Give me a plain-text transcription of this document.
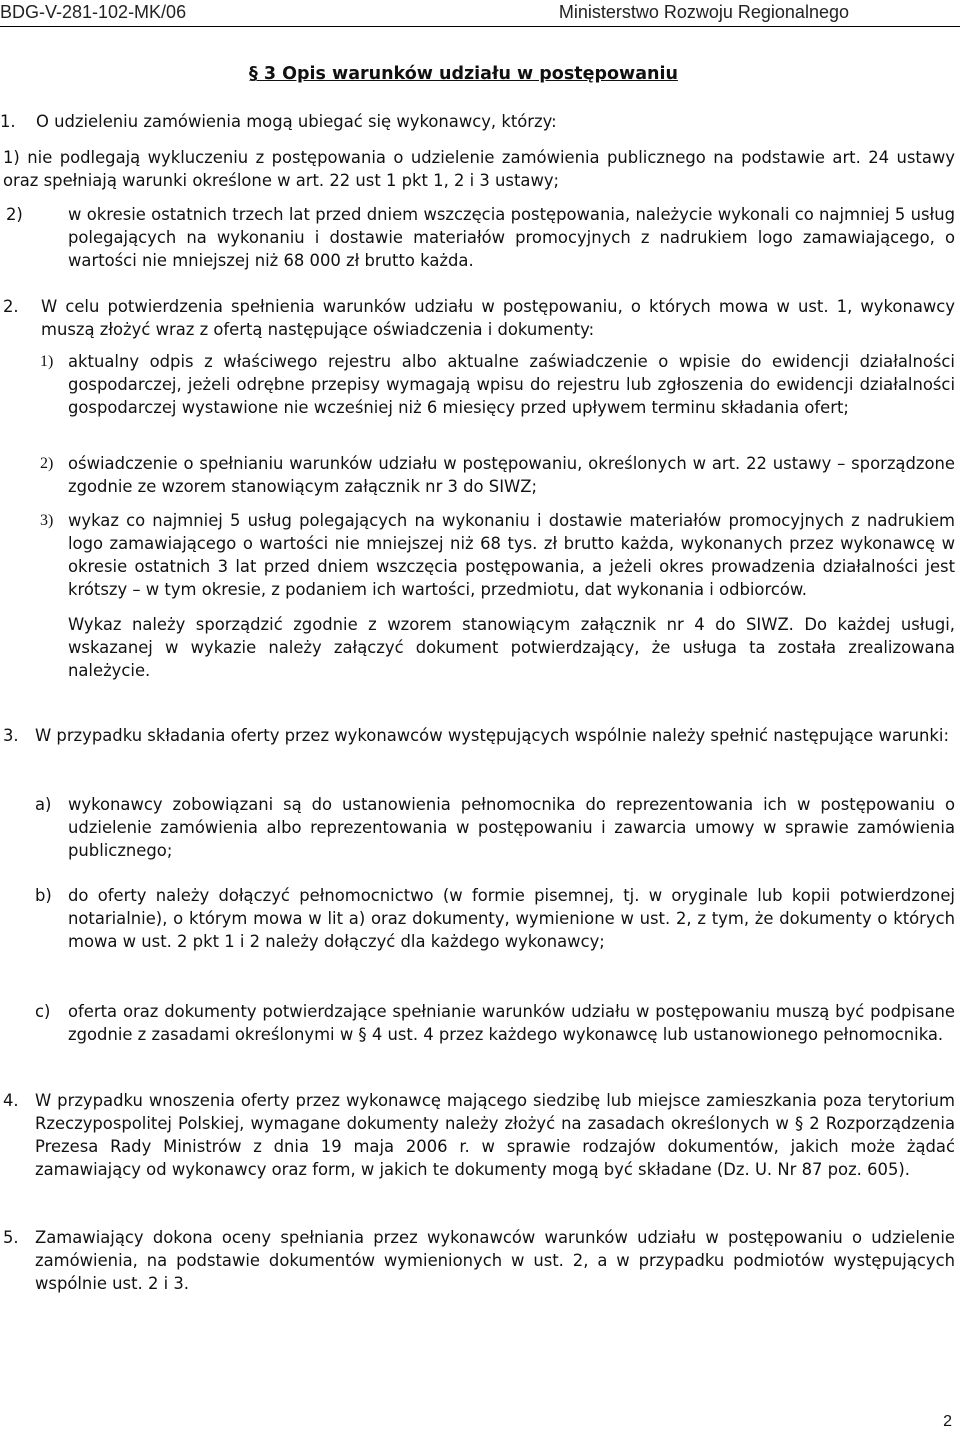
BDG-V-281-102-MK/06	Ministerstwo Rozwoju Regionalnego
§ 3 Opis warunków udziału w postępowaniu
1. O udzieleniu zamówienia mogą ubiegać się wykonawcy, którzy:
1) nie podlegają wykluczeniu z postępowania o udzielenie zamówienia publicznego na podstawie art. 24 ustawy oraz spełniają warunki określone w art. 22 ust 1 pkt 1, 2 i 3 ustawy;
2)	w okresie ostatnich trzech lat przed dniem wszczęcia postępowania, należycie wykonali co najmniej 5 usług polegających na wykonaniu i dostawie materiałów promocyjnych z nadrukiem logo zamawiającego, o wartości nie mniejszej niż 68 000 zł brutto każda.
2. W celu potwierdzenia spełnienia warunków udziału w postępowaniu, o których mowa w ust. 1, wykonawcy muszą złożyć wraz z ofertą następujące oświadczenia i dokumenty:
1) aktualny odpis z właściwego rejestru albo aktualne zaświadczenie o wpisie do ewidencji działalności gospodarczej, jeżeli odrębne przepisy wymagają wpisu do rejestru lub zgłoszenia do ewidencji działalności gospodarczej wystawione nie wcześniej niż 6 miesięcy przed upływem terminu składania ofert;
2) oświadczenie o spełnianiu warunków udziału w postępowaniu, określonych w art. 22 ustawy – sporządzone zgodnie ze wzorem stanowiącym załącznik nr 3 do SIWZ;
3) wykaz co najmniej 5 usług polegających na wykonaniu i dostawie materiałów promocyjnych z nadrukiem logo zamawiającego o wartości nie mniejszej niż 68 tys. zł brutto każda, wykonanych przez wykonawcę w okresie ostatnich 3 lat przed dniem wszczęcia postępowania, a jeżeli okres prowadzenia działalności jest krótszy – w tym okresie, z podaniem ich wartości, przedmiotu, dat wykonania i odbiorców.
Wykaz należy sporządzić zgodnie z wzorem stanowiącym załącznik nr 4 do SIWZ. Do każdej usługi, wskazanej w wykazie należy załączyć dokument potwierdzający, że usługa ta została zrealizowana należycie.
3. W przypadku składania oferty przez wykonawców występujących wspólnie należy spełnić następujące warunki:
a) wykonawcy zobowiązani są do ustanowienia pełnomocnika do reprezentowania ich w postępowaniu o udzielenie zamówienia albo reprezentowania w postępowaniu i zawarcia umowy w sprawie zamówienia publicznego;
b) do oferty należy dołączyć pełnomocnictwo (w formie pisemnej, tj. w oryginale lub kopii potwierdzonej notarialnie), o którym mowa w lit a) oraz dokumenty, wymienione w ust. 2, z tym, że dokumenty o których mowa w ust. 2 pkt 1 i 2 należy dołączyć dla każdego wykonawcy;
c) oferta oraz dokumenty potwierdzające spełnianie warunków udziału w postępowaniu muszą być podpisane zgodnie z zasadami określonymi w § 4 ust. 4 przez każdego wykonawcę lub ustanowionego pełnomocnika.
4. W przypadku wnoszenia oferty przez wykonawcę mającego siedzibę lub miejsce zamieszkania poza terytorium Rzeczypospolitej Polskiej, wymagane dokumenty należy złożyć na zasadach określonych w § 2 Rozporządzenia Prezesa Rady Ministrów z dnia 19 maja 2006 r. w sprawie rodzajów dokumentów, jakich może żądać zamawiający od wykonawcy oraz form, w jakich te dokumenty mogą być składane (Dz. U. Nr 87 poz. 605).
5. Zamawiający dokona oceny spełniania przez wykonawców warunków udziału w postępowaniu o udzielenie zamówienia, na podstawie dokumentów wymienionych w ust. 2, a w przypadku podmiotów występujących wspólnie ust. 2 i 3.
2
